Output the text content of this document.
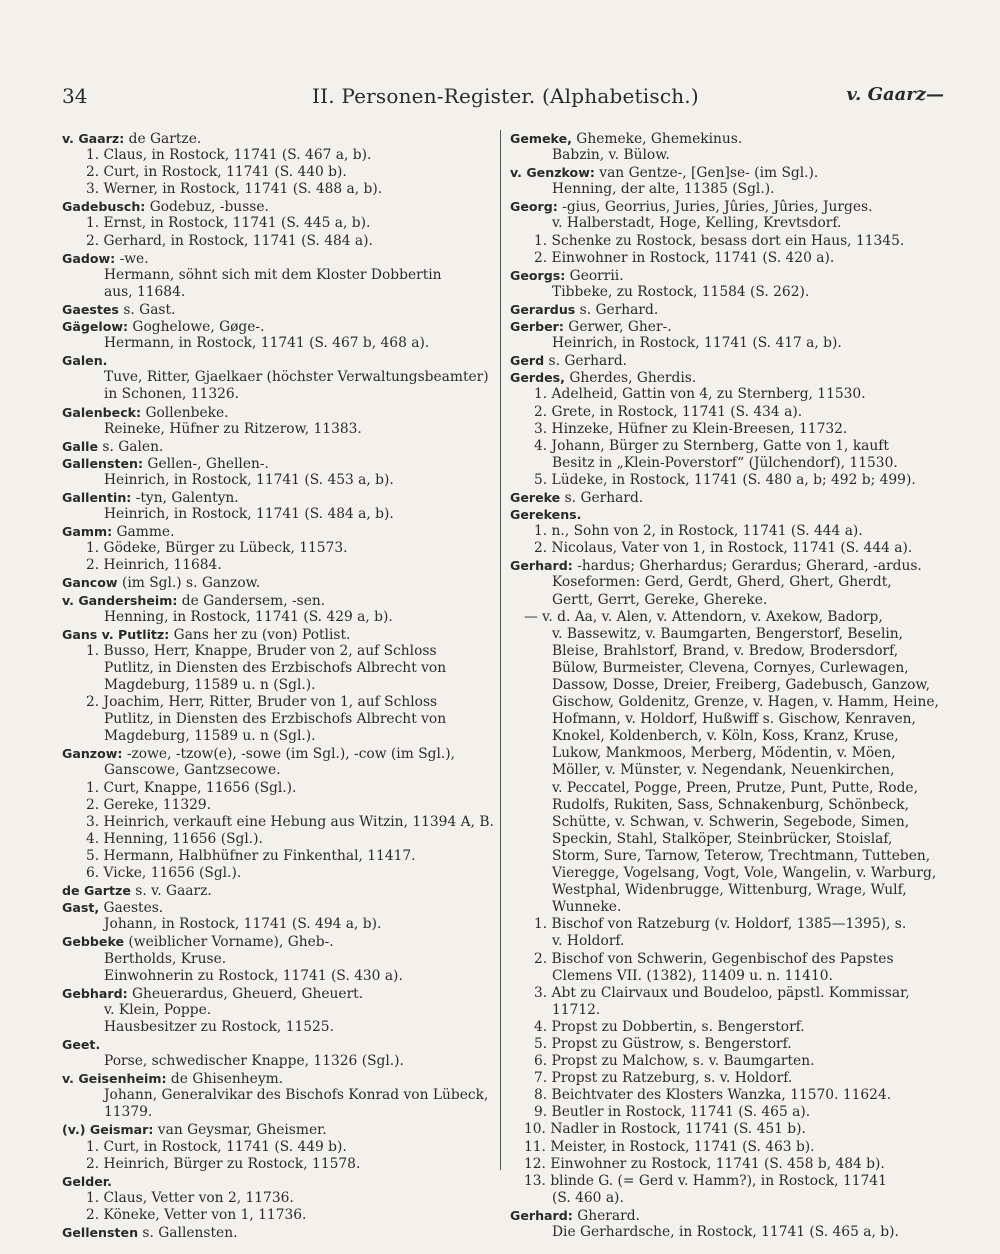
34	II. Personen-Register. (Alphabetisch.)	v. Gaarz—
v. Gaarz: de Gartze.
1. Claus, in Rostock, 11741 (S. 467 a, b).
2. Curt, in Rostock, 11741 (S. 440 b).
3. Werner, in Rostock, 11741 (S. 488 a, b).
Gadebusch: Godebuz, -busse.
1. Ernst, in Rostock, 11741 (S. 445 a, b).
2. Gerhard, in Rostock, 11741 (S. 484 a).
Gadow: -we.
Hermann, söhnt sich mit dem Kloster Dobbertin
aus, 11684.
Gaestes s. Gast.
Gägelow: Goghelowe, Gøge-.
Hermann, in Rostock, 11741 (S. 467 b, 468 a).
Galen.
Tuve, Ritter, Gjaelkaer (höchster Verwaltungsbeamter)
in Schonen, 11326.
Galenbeck: Gollenbeke.
Reineke, Hüfner zu Ritzerow, 11383.
Galle s. Galen.
Gallensten: Gellen-, Ghellen-.
Heinrich, in Rostock, 11741 (S. 453 a, b).
Gallentin: -tyn, Galentyn.
Heinrich, in Rostock, 11741 (S. 484 a, b).
Gamm: Gamme.
1. Gödeke, Bürger zu Lübeck, 11573.
2. Heinrich, 11684.
Gancow (im Sgl.) s. Ganzow.
v. Gandersheim: de Gandersem, -sen.
Henning, in Rostock, 11741 (S. 429 a, b).
Gans v. Putlitz: Gans her zu (von) Potlist.
1. Busso, Herr, Knappe, Bruder von 2, auf Schloss
Putlitz, in Diensten des Erzbischofs Albrecht von
Magdeburg, 11589 u. n (Sgl.).
2. Joachim, Herr, Ritter, Bruder von 1, auf Schloss
Putlitz, in Diensten des Erzbischofs Albrecht von
Magdeburg, 11589 u. n (Sgl.).
Ganzow: -zowe, -tzow(e), -sowe (im Sgl.), -cow (im Sgl.),
Ganscowe, Gantzsecowe.
1. Curt, Knappe, 11656 (Sgl.).
2. Gereke, 11329.
3. Heinrich, verkauft eine Hebung aus Witzin, 11394 A, B.
4. Henning, 11656 (Sgl.).
5. Hermann, Halbhüfner zu Finkenthal, 11417.
6. Vicke, 11656 (Sgl.).
de Gartze s. v. Gaarz.
Gast, Gaestes.
Johann, in Rostock, 11741 (S. 494 a, b).
Gebbeke (weiblicher Vorname), Gheb-.
Bertholds, Kruse.
Einwohnerin zu Rostock, 11741 (S. 430 a).
Gebhard: Gheuerardus, Gheuerd, Gheuert.
v. Klein, Poppe.
Hausbesitzer zu Rostock, 11525.
Geet.
Porse, schwedischer Knappe, 11326 (Sgl.).
v. Geisenheim: de Ghisenheym.
Johann, Generalvikar des Bischofs Konrad von Lübeck,
11379.
(v.) Geismar: van Geysmar, Gheismer.
1. Curt, in Rostock, 11741 (S. 449 b).
2. Heinrich, Bürger zu Rostock, 11578.
Gelder.
1. Claus, Vetter von 2, 11736.
2. Köneke, Vetter von 1, 11736.
Gellensten s. Gallensten.
Gemeke, Ghemeke, Ghemekinus.
Babzin, v. Bülow.
v. Genzkow: van Gentze-, [Gen]se- (im Sgl.).
Henning, der alte, 11385 (Sgl.).
Georg: -gius, Georrius, Juries, Jûries, Jûries, Jurges.
v. Halberstadt, Hoge, Kelling, Krevtsdorf.
1. Schenke zu Rostock, besass dort ein Haus, 11345.
2. Einwohner in Rostock, 11741 (S. 420 a).
Georgs: Georrii.
Tibbeke, zu Rostock, 11584 (S. 262).
Gerardus s. Gerhard.
Gerber: Gerwer, Gher-.
Heinrich, in Rostock, 11741 (S. 417 a, b).
Gerd s. Gerhard.
Gerdes, Gherdes, Gherdis.
1. Adelheid, Gattin von 4, zu Sternberg, 11530.
2. Grete, in Rostock, 11741 (S. 434 a).
3. Hinzeke, Hüfner zu Klein-Breesen, 11732.
4. Johann, Bürger zu Sternberg, Gatte von 1, kauft
Besitz in „Klein-Poverstorf“ (Jülchendorf), 11530.
5. Lüdeke, in Rostock, 11741 (S. 480 a, b; 492 b; 499).
Gereke s. Gerhard.
Gerekens.
1. n., Sohn von 2, in Rostock, 11741 (S. 444 a).
2. Nicolaus, Vater von 1, in Rostock, 11741 (S. 444 a).
Gerhard: -hardus; Gherhardus; Gerardus; Gherard, -ardus.
Koseformen: Gerd, Gerdt, Gherd, Ghert, Gherdt,
Gertt, Gerrt, Gereke, Ghereke.
— v. d. Aa, v. Alen, v. Attendorn, v. Axekow, Badorp,
v. Bassewitz, v. Baumgarten, Bengerstorf, Beselin,
Bleise, Brahlstorf, Brand, v. Bredow, Brodersdorf,
Bülow, Burmeister, Clevena, Cornyes, Curlewagen,
Dassow, Dosse, Dreier, Freiberg, Gadebusch, Ganzow,
Gischow, Goldenitz, Grenze, v. Hagen, v. Hamm, Heine,
Hofmann, v. Holdorf, Hußwiff s. Gischow, Kenraven,
Knokel, Koldenberch, v. Köln, Koss, Kranz, Kruse,
Lukow, Mankmoos, Merberg, Mödentin, v. Möen,
Möller, v. Münster, v. Negendank, Neuenkirchen,
v. Peccatel, Pogge, Preen, Prutze, Punt, Putte, Rode,
Rudolfs, Rukiten, Sass, Schnakenburg, Schönbeck,
Schütte, v. Schwan, v. Schwerin, Segebode, Simen,
Speckin, Stahl, Stalköper, Steinbrücker, Stoislaf,
Storm, Sure, Tarnow, Teterow, Trechtmann, Tutteben,
Vieregge, Vogelsang, Vogt, Vole, Wangelin, v. Warburg,
Westphal, Widenbrugge, Wittenburg, Wrage, Wulf,
Wunneke.
1. Bischof von Ratzeburg (v. Holdorf, 1385—1395), s.
v. Holdorf.
2. Bischof von Schwerin, Gegenbischof des Papstes
Clemens VII. (1382), 11409 u. n. 11410.
3. Abt zu Clairvaux und Boudeloo, päpstl. Kommissar,
11712.
4. Propst zu Dobbertin, s. Bengerstorf.
5. Propst zu Güstrow, s. Bengerstorf.
6. Propst zu Malchow, s. v. Baumgarten.
7. Propst zu Ratzeburg, s. v. Holdorf.
8. Beichtvater des Klosters Wanzka, 11570. 11624.
9. Beutler in Rostock, 11741 (S. 465 a).
10. Nadler in Rostock, 11741 (S. 451 b).
11. Meister, in Rostock, 11741 (S. 463 b).
12. Einwohner zu Rostock, 11741 (S. 458 b, 484 b).
13. blinde G. (= Gerd v. Hamm?), in Rostock, 11741
(S. 460 a).
Gerhard: Gherard.
Die Gerhardsche, in Rostock, 11741 (S. 465 a, b).
